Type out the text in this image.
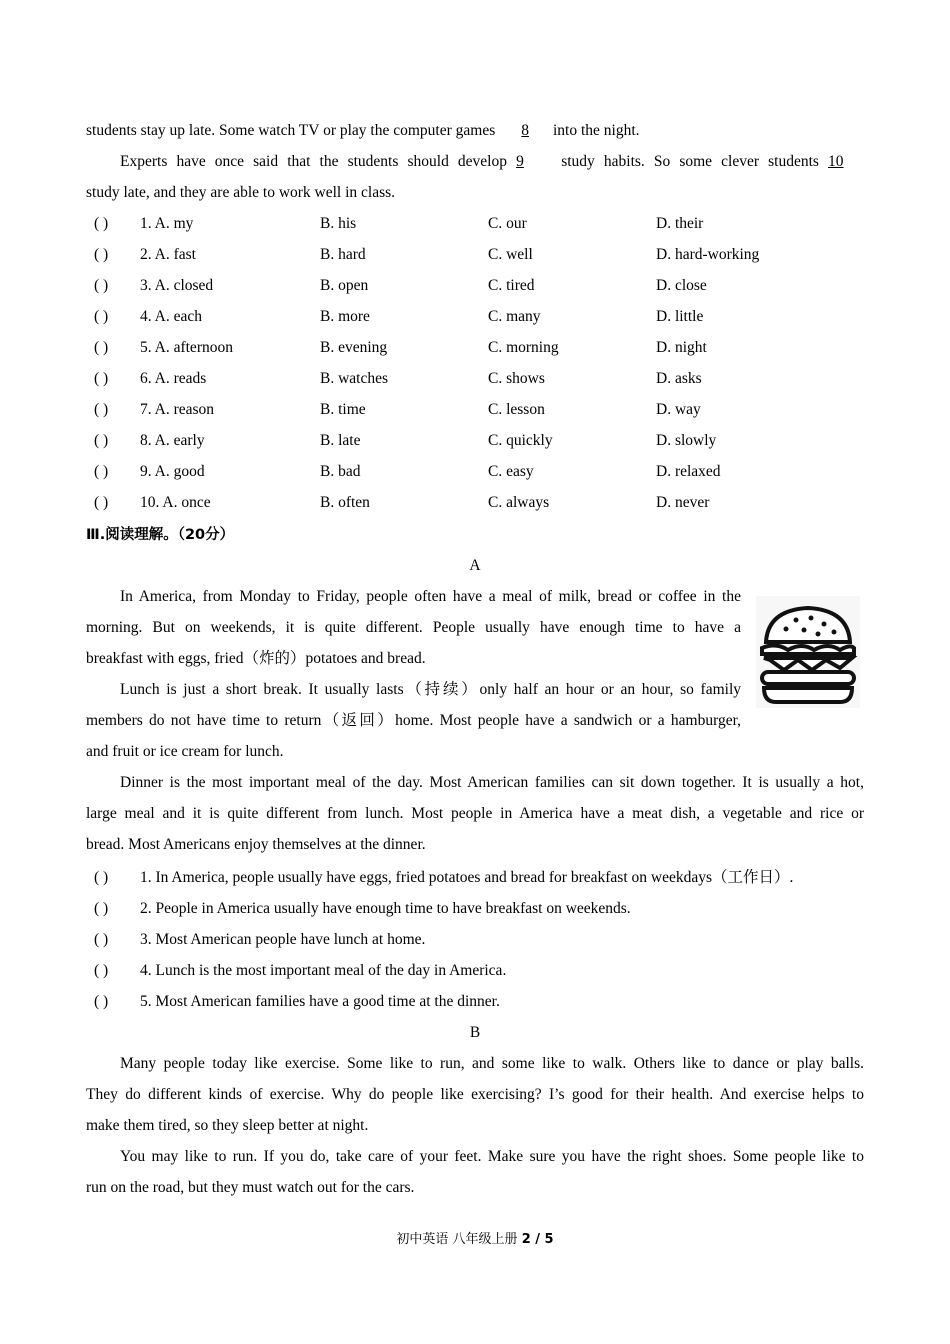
students stay up late. Some watch TV or play the computer games 8 into the night.
Experts have once said that the students should develop 9 study habits. So some clever students 10
study late, and they are able to work well in class.
( ) 1. A. my	B. his	C. our	D. their
( ) 2. A. fast	B. hard	C. well	D. hard-working
( ) 3. A. closed	B. open	C. tired	D. close
( ) 4. A. each	B. more	C. many	D. little
( ) 5. A. afternoon	B. evening	C. morning	D. night
( ) 6. A. reads	B. watches	C. shows	D. asks
( ) 7. A. reason	B. time	C. lesson	D. way
( ) 8. A. early	B. late	C. quickly	D. slowly
( ) 9. A. good	B. bad	C. easy	D. relaxed
( ) 10. A. once	B. often	C. always	D. never
Ⅲ.阅读理解。（20分）
A
In America, from Monday to Friday, people often have a meal of milk, bread or coffee in the
morning. But on weekends, it is quite different. People usually have enough time to have a
breakfast with eggs, fried（炸的）potatoes and bread.
Lunch is just a short break. It usually lasts（持续）only half an hour or an hour, so family
members do not have time to return（返回）home. Most people have a sandwich or a hamburger,
and fruit or ice cream for lunch.
Dinner is the most important meal of the day. Most American families can sit down together. It is usually a hot,
large meal and it is quite different from lunch. Most people in America have a meat dish, a vegetable and rice or
bread. Most Americans enjoy themselves at the dinner.
( ) 1. In America, people usually have eggs, fried potatoes and bread for breakfast on weekdays（工作日）.
( ) 2. People in America usually have enough time to have breakfast on weekends.
( ) 3. Most American people have lunch at home.
( ) 4. Lunch is the most important meal of the day in America.
( ) 5. Most American families have a good time at the dinner.
B
Many people today like exercise. Some like to run, and some like to walk. Others like to dance or play balls.
They do different kinds of exercise. Why do people like exercising? I’s good for their health. And exercise helps to
make them tired, so they sleep better at night.
You may like to run. If you do, take care of your feet. Make sure you have the right shoes. Some people like to
run on the road, but they must watch out for the cars.
初中英语 八年级上册 2 / 5
